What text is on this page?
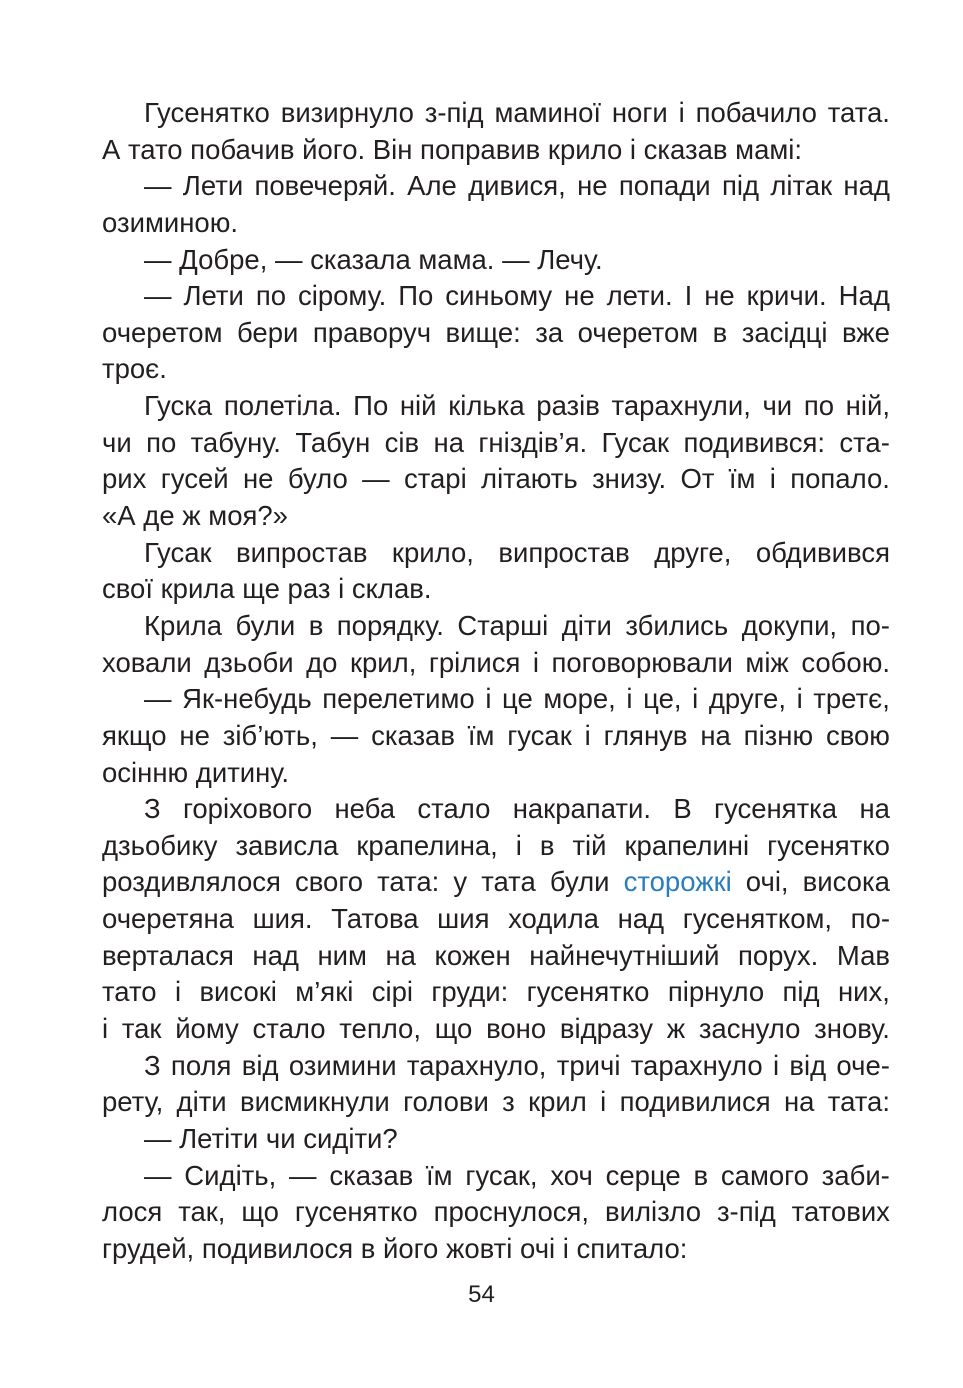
Гусенятко визирнуло з-під маминої ноги і побачило тата.
А тато побачив його. Він поправив крило і сказав мамі:
— Лети повечеряй. Але дивися, не попади під літак над
озиминою.
— Добре, — сказала мама. — Лечу.
— Лети по сірому. По синьому не лети. І не кричи. Над
очеретом бери праворуч вище: за очеретом в засідці вже
троє.
Гуска полетіла. По ній кілька разів тарахнули, чи по ній,
чи по табуну. Табун сів на гніздів’я. Гусак подивився: ста-
рих гусей не було — старі літають знизу. От їм і попало.
«А де ж моя?»
Гусак випростав крило, випростав друге, обдивився
свої крила ще раз і склав.
Крила були в порядку. Старші діти збились докупи, по-
ховали дзьоби до крил, грілися і поговорювали між собою.
— Як-небудь перелетимо і це море, і це, і друге, і третє,
якщо не зіб’ють, — сказав їм гусак і глянув на пізню свою
осінню дитину.
З горіхового неба стало накрапати. В гусенятка на
дзьобику зависла крапелина, і в тій крапелині гусенятко
роздивлялося свого тата: у тата були сторожкі очі, висока
очеретяна шия. Татова шия ходила над гусенятком, по-
верталася над ним на кожен найнечутніший порух. Мав
тато і високі м’які сірі груди: гусенятко пірнуло під них,
і так йому стало тепло, що воно відразу ж заснуло знову.
З поля від озимини тарахнуло, тричі тарахнуло і від оче-
рету, діти висмикнули голови з крил і подивилися на тата:
— Летіти чи сидіти?
— Сидіть, — сказав їм гусак, хоч серце в самого заби-
лося так, що гусенятко проснулося, вилізло з-під татових
грудей, подивилося в його жовті очі і спитало:
54
